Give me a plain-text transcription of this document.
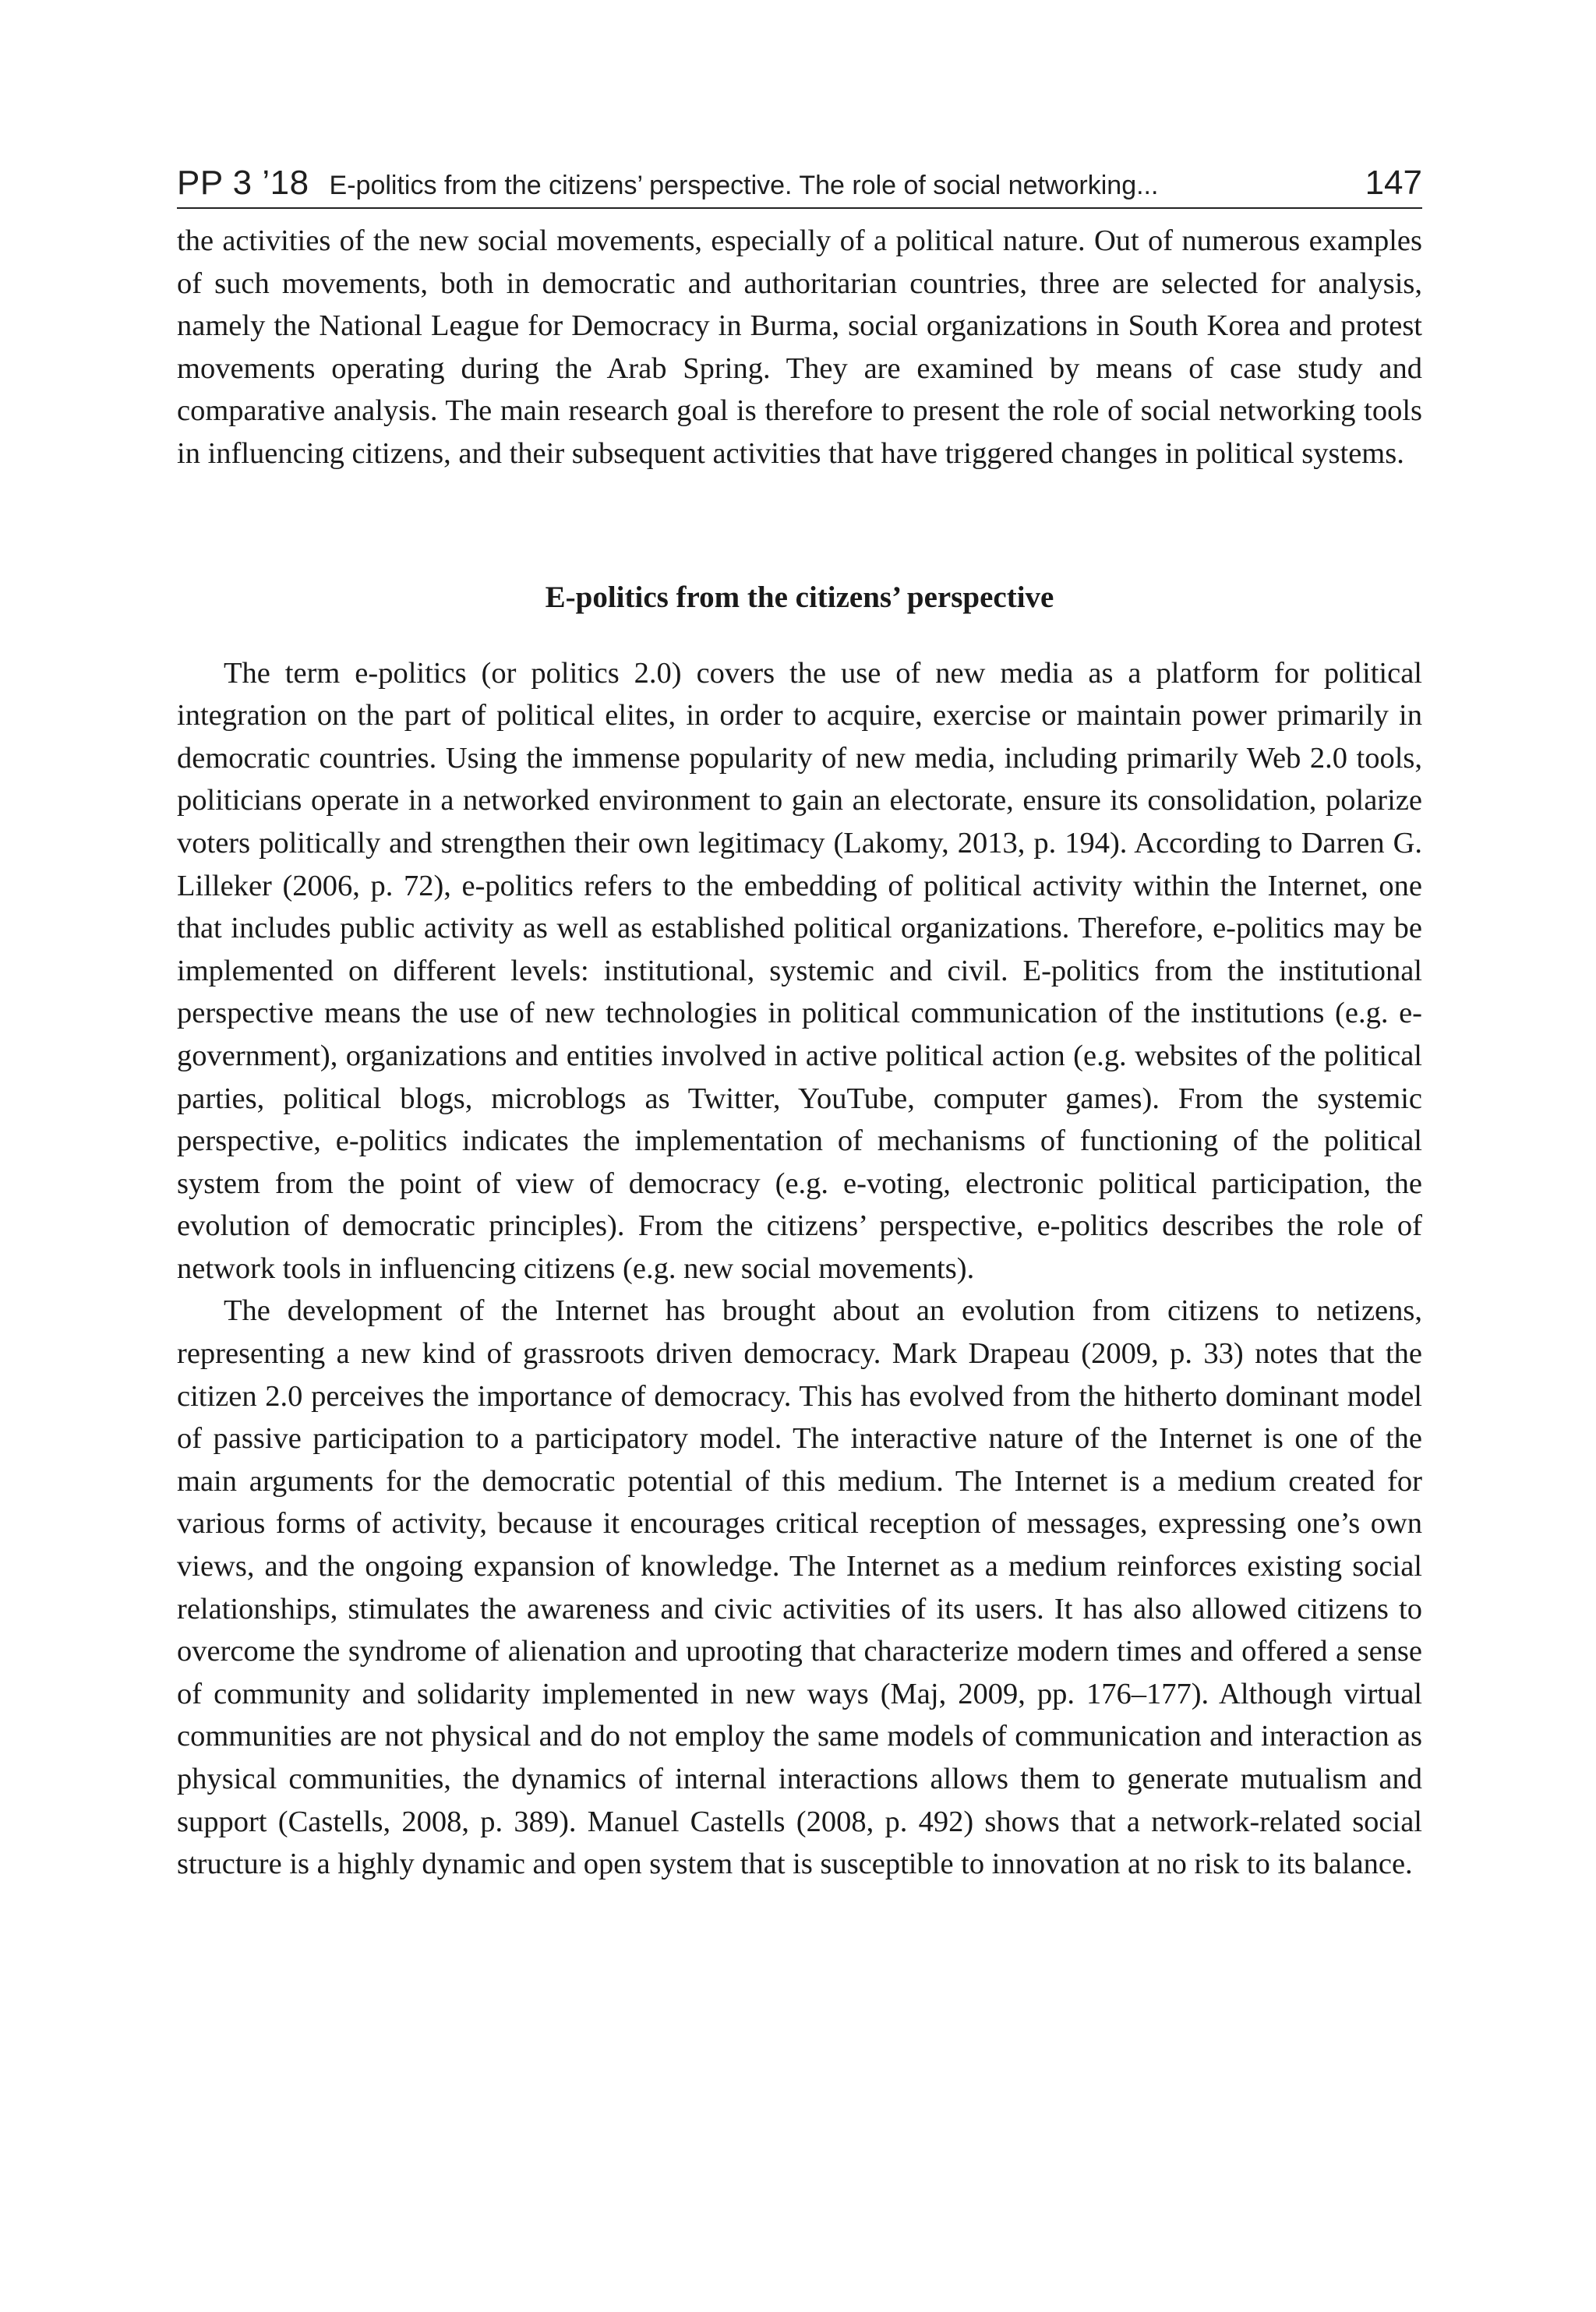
PP 3 ’18 E-politics from the citizens’ perspective. The role of social networking...	147

the activities of the new social movements, especially of a political nature. Out of numerous examples of such movements, both in democratic and authoritarian countries, three are selected for analysis, namely the National League for Democracy in Burma, social organizations in South Korea and protest movements operating during the Arab Spring. They are examined by means of case study and comparative analysis. The main research goal is therefore to present the role of social networking tools in influencing citizens, and their subsequent activities that have triggered changes in political systems.

E-politics from the citizens’ perspective

The term e-politics (or politics 2.0) covers the use of new media as a platform for political integration on the part of political elites, in order to acquire, exercise or maintain power primarily in democratic countries. Using the immense popularity of new media, including primarily Web 2.0 tools, politicians operate in a networked environment to gain an electorate, ensure its consolidation, polarize voters politically and strengthen their own legitimacy (Lakomy, 2013, p. 194). According to Darren G. Lilleker (2006, p. 72), e-politics refers to the embedding of political activity within the Internet, one that includes public activity as well as established political organizations. Therefore, e-politics may be implemented on different levels: institutional, systemic and civil. E-politics from the institutional perspective means the use of new technologies in political communication of the institutions (e.g. e-government), organizations and entities involved in active political action (e.g. websites of the political parties, political blogs, microblogs as Twitter, YouTube, computer games). From the systemic perspective, e-politics indicates the implementation of mechanisms of functioning of the political system from the point of view of democracy (e.g. e-voting, electronic political participation, the evolution of democratic principles). From the citizens’ perspective, e-politics describes the role of network tools in influencing citizens (e.g. new social movements).

The development of the Internet has brought about an evolution from citizens to netizens, representing a new kind of grassroots driven democracy. Mark Drapeau (2009, p. 33) notes that the citizen 2.0 perceives the importance of democracy. This has evolved from the hitherto dominant model of passive participation to a participatory model. The interactive nature of the Internet is one of the main arguments for the democratic potential of this medium. The Internet is a medium created for various forms of activity, because it encourages critical reception of messages, expressing one’s own views, and the ongoing expansion of knowledge. The Internet as a medium reinforces existing social relationships, stimulates the awareness and civic activities of its users. It has also allowed citizens to overcome the syndrome of alienation and uprooting that characterize modern times and offered a sense of community and solidarity implemented in new ways (Maj, 2009, pp. 176–177). Although virtual communities are not physical and do not employ the same models of communication and interaction as physical communities, the dynamics of internal interactions allows them to generate mutualism and support (Castells, 2008, p. 389). Manuel Castells (2008, p. 492) shows that a network-related social structure is a highly dynamic and open system that is susceptible to innovation at no risk to its balance.
